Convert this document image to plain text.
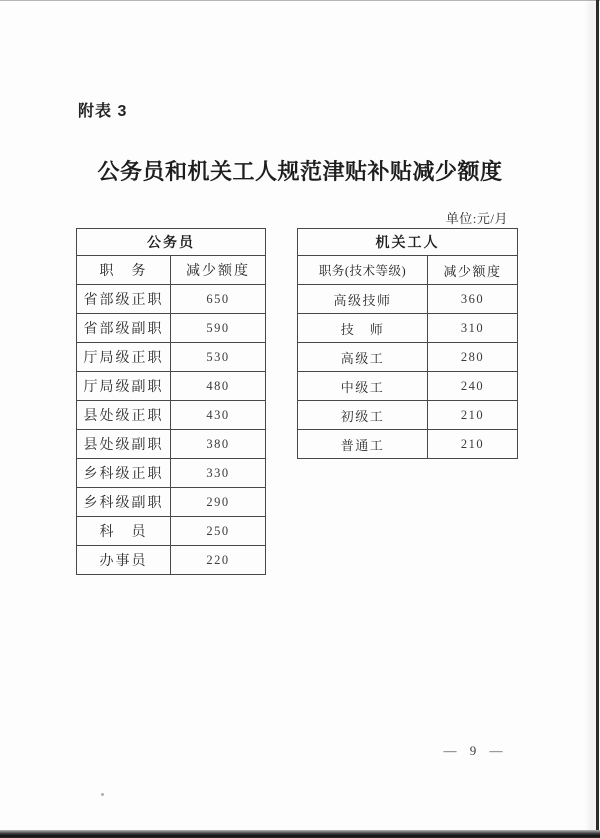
附表 3
公务员和机关工人规范津贴补贴减少额度
单位:元/月
公务员	
职　务	减少额度
省部级正职	650
省部级副职	590
厅局级正职	530
厅局级副职	480
县处级正职	430
县处级副职	380
乡科级正职	330
乡科级副职	290
科　员	250
办事员	220
机关工人	
职务(技术等级)	减少额度
高级技师	360
技　师	310
高级工	280
中级工	240
初级工	210
普通工	210
— 9 —
